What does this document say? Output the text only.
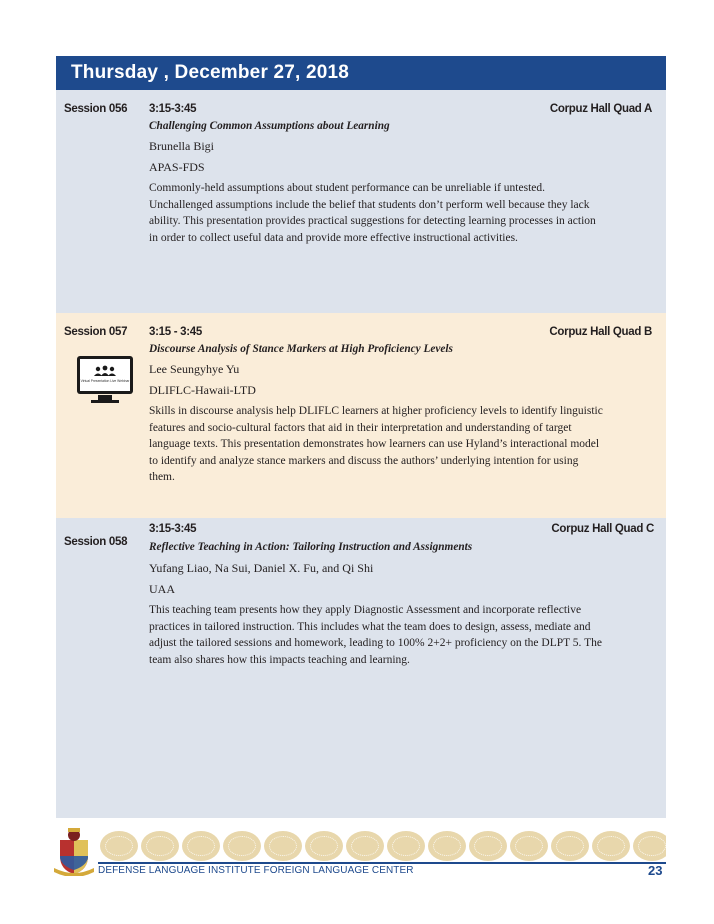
Thursday , December 27, 2018
Session 056 3:15-3:45	Corpuz Hall Quad A
Challenging Common Assumptions about Learning
Brunella Bigi
APAS-FDS
Commonly-held assumptions about student performance can be unreliable if untested.
Unchallenged assumptions include the belief that students don’t perform well because they lack
ability. This presentation provides practical suggestions for detecting learning processes in action
in order to collect useful data and provide more effective instructional activities.
Session 057 3:15 - 3:45	Corpuz Hall Quad B
Discourse Analysis of Stance Markers at High Proficiency Levels
Lee Seungyhye Yu
DLIFLC-Hawaii-LTD
Virtual Presentation Live Webinar
Skills in discourse analysis help DLIFLC learners at higher proficiency levels to identify linguistic
features and socio-cultural factors that aid in their interpretation and understanding of target
language texts. This presentation demonstrates how learners can use Hyland’s interactional model
to identify and analyze stance markers and discuss the authors’ underlying intention for using
them.
Session 058
3:15-3:45	Corpuz Hall Quad C
Reflective Teaching in Action: Tailoring Instruction and Assignments
Yufang Liao, Na Sui, Daniel X. Fu, and Qi Shi
UAA
This teaching team presents how they apply Diagnostic Assessment and incorporate reflective
practices in tailored instruction. This includes what the team does to design, assess, mediate and
adjust the tailored sessions and homework, leading to 100% 2+2+ proficiency on the DLPT 5. The
team also shares how this impacts teaching and learning.
DEFENSE LANGUAGE INSTITUTE FOREIGN LANGUAGE CENTER	23
